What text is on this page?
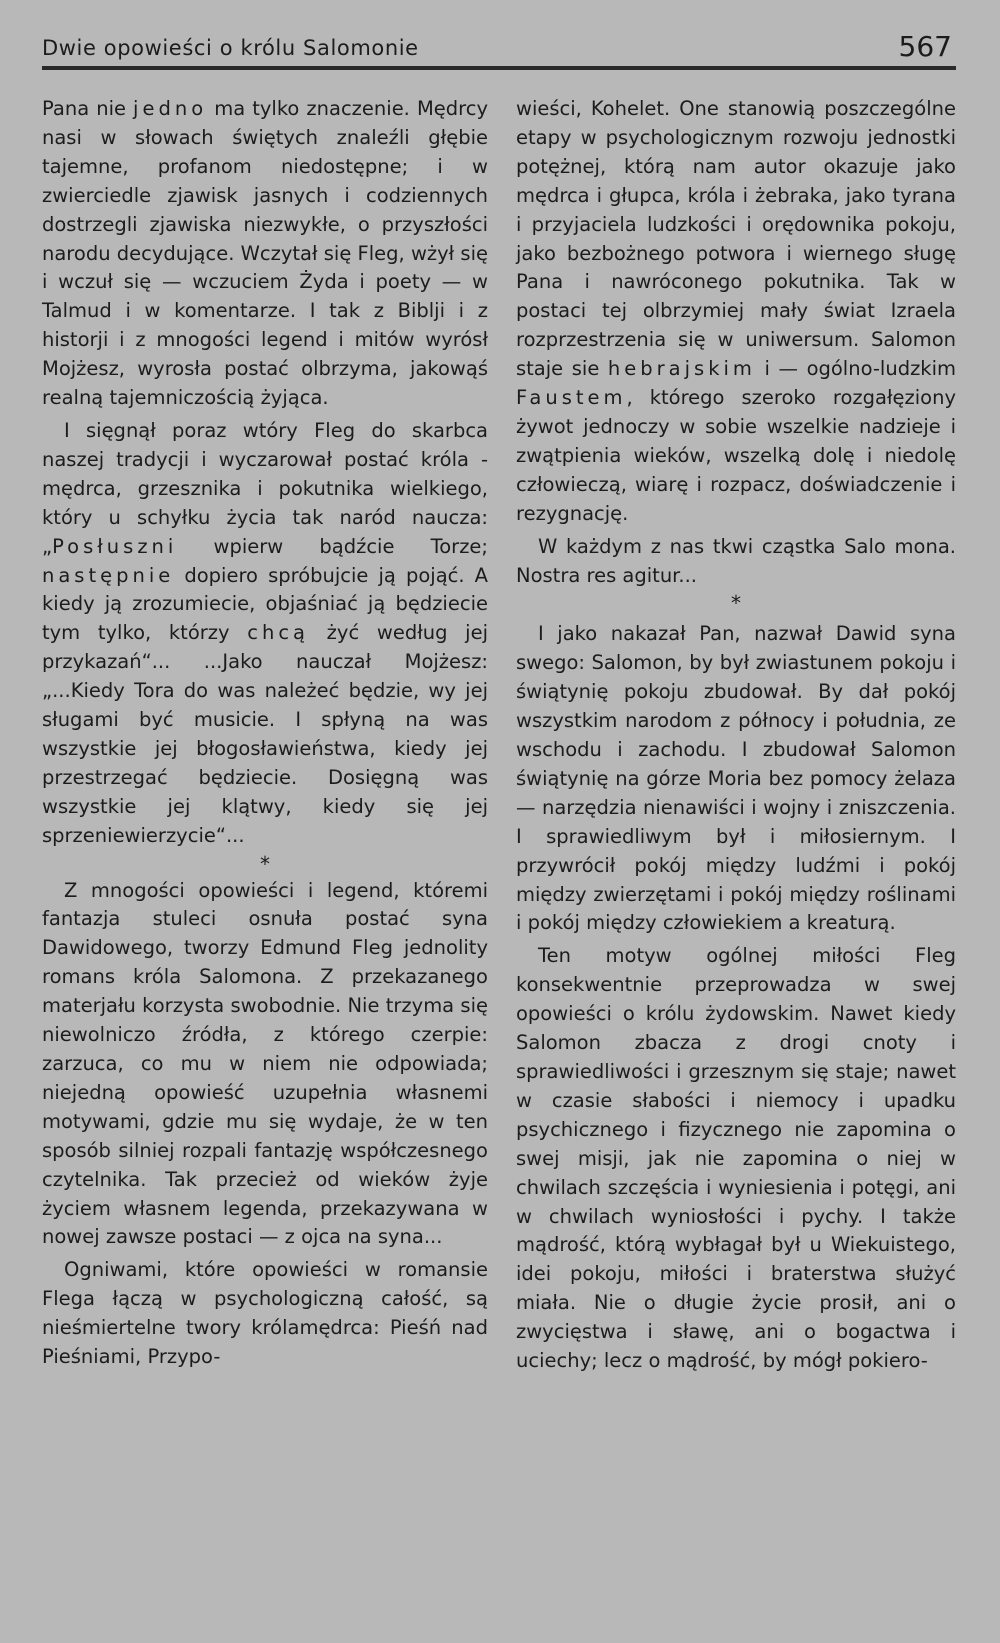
Dwie opowieści o królu Salomonie	567

Pana nie jedno ma tylko znaczenie. Mędrcy nasi w słowach świętych znaleźli głębie tajemne, profanom niedostępne; i w zwierciedle zjawisk jasnych i codziennych dostrzegli zjawiska niezwykłe, o przyszłości narodu decydujące. Wczytał się Fleg, wżył się i wczuł się — wczuciem Żyda i poety — w Talmud i w komentarze. I tak z Biblji i z historji i z mnogości legend i mitów wyrósł Mojżesz, wyrosła postać olbrzyma, jakowąś realną tajemniczością żyjąca.

I sięgnął poraz wtóry Fleg do skarbca naszej tradycji i wyczarował postać króla - mędrca, grzesznika i pokutnika wielkiego, który u schyłku życia tak naród naucza: „Posłuszni wpierw bądźcie Torze; następnie dopiero spróbujcie ją pojąć. A kiedy ją zrozumiecie, objaśniać ją będziecie tym tylko, którzy chcą żyć według jej przykazań“... ...Jako nauczał Mojżesz: „...Kiedy Tora do was należeć będzie, wy jej sługami być musicie. I spłyną na was wszystkie jej błogosławieństwa, kiedy jej przestrzegać będziecie. Dosięgną was wszystkie jej klątwy, kiedy się jej sprzeniewierzycie“...

*

Z mnogości opowieści i legend, któremi fantazja stuleci osnuła postać syna Dawidowego, tworzy Edmund Fleg jednolity romans króla Salomona. Z przekazanego materjału korzysta swobodnie. Nie trzyma się niewolniczo źródła, z którego czerpie: zarzuca, co mu w niem nie odpowiada; niejedną opowieść uzupełnia własnemi motywami, gdzie mu się wydaje, że w ten sposób silniej rozpali fantazję współczesnego czytelnika. Tak przecież od wieków żyje życiem własnem legenda, przekazywana w nowej zawsze postaci — z ojca na syna...

Ogniwami, które opowieści w romansie Flega łączą w psychologiczną całość, są nieśmiertelne twory królamędrca: Pieśń nad Pieśniami, Przypo-

wieści, Kohelet. One stanowią poszczególne etapy w psychologicznym rozwoju jednostki potężnej, którą nam autor okazuje jako mędrca i głupca, króla i żebraka, jako tyrana i przyjaciela ludzkości i orędownika pokoju, jako bezbożnego potwora i wiernego sługę Pana i nawróconego pokutnika. Tak w postaci tej olbrzymiej mały świat Izraela rozprzestrzenia się w uniwersum. Salomon staje sie hebrajskim i — ogólno-ludzkim Faustem, którego szeroko rozgałęziony żywot jednoczy w sobie wszelkie nadzieje i zwątpienia wieków, wszelką dolę i niedolę człowieczą, wiarę i rozpacz, doświadczenie i rezygnację.

W każdym z nas tkwi cząstka Salo mona. Nostra res agitur...

*

I jako nakazał Pan, nazwał Dawid syna swego: Salomon, by był zwiastunem pokoju i świątynię pokoju zbudował. By dał pokój wszystkim narodom z północy i południa, ze wschodu i zachodu. I zbudował Salomon świątynię na górze Moria bez pomocy żelaza — narzędzia nienawiści i wojny i zniszczenia. I sprawiedliwym był i miłosiernym. I przywrócił pokój między ludźmi i pokój między zwierzętami i pokój między roślinami i pokój między człowiekiem a kreaturą.

Ten motyw ogólnej miłości Fleg konsekwentnie przeprowadza w swej opowieści o królu żydowskim. Nawet kiedy Salomon zbacza z drogi cnoty i sprawiedliwości i grzesznym się staje; nawet w czasie słabości i niemocy i upadku psychicznego i fizycznego nie zapomina o swej misji, jak nie zapomina o niej w chwilach szczęścia i wyniesienia i potęgi, ani w chwilach wyniosłości i pychy. I także mądrość, którą wybłagał był u Wiekuistego, idei pokoju, miłości i braterstwa służyć miała. Nie o długie życie prosił, ani o zwycięstwa i sławę, ani o bogactwa i uciechy; lecz o mądrość, by mógł pokiero-
